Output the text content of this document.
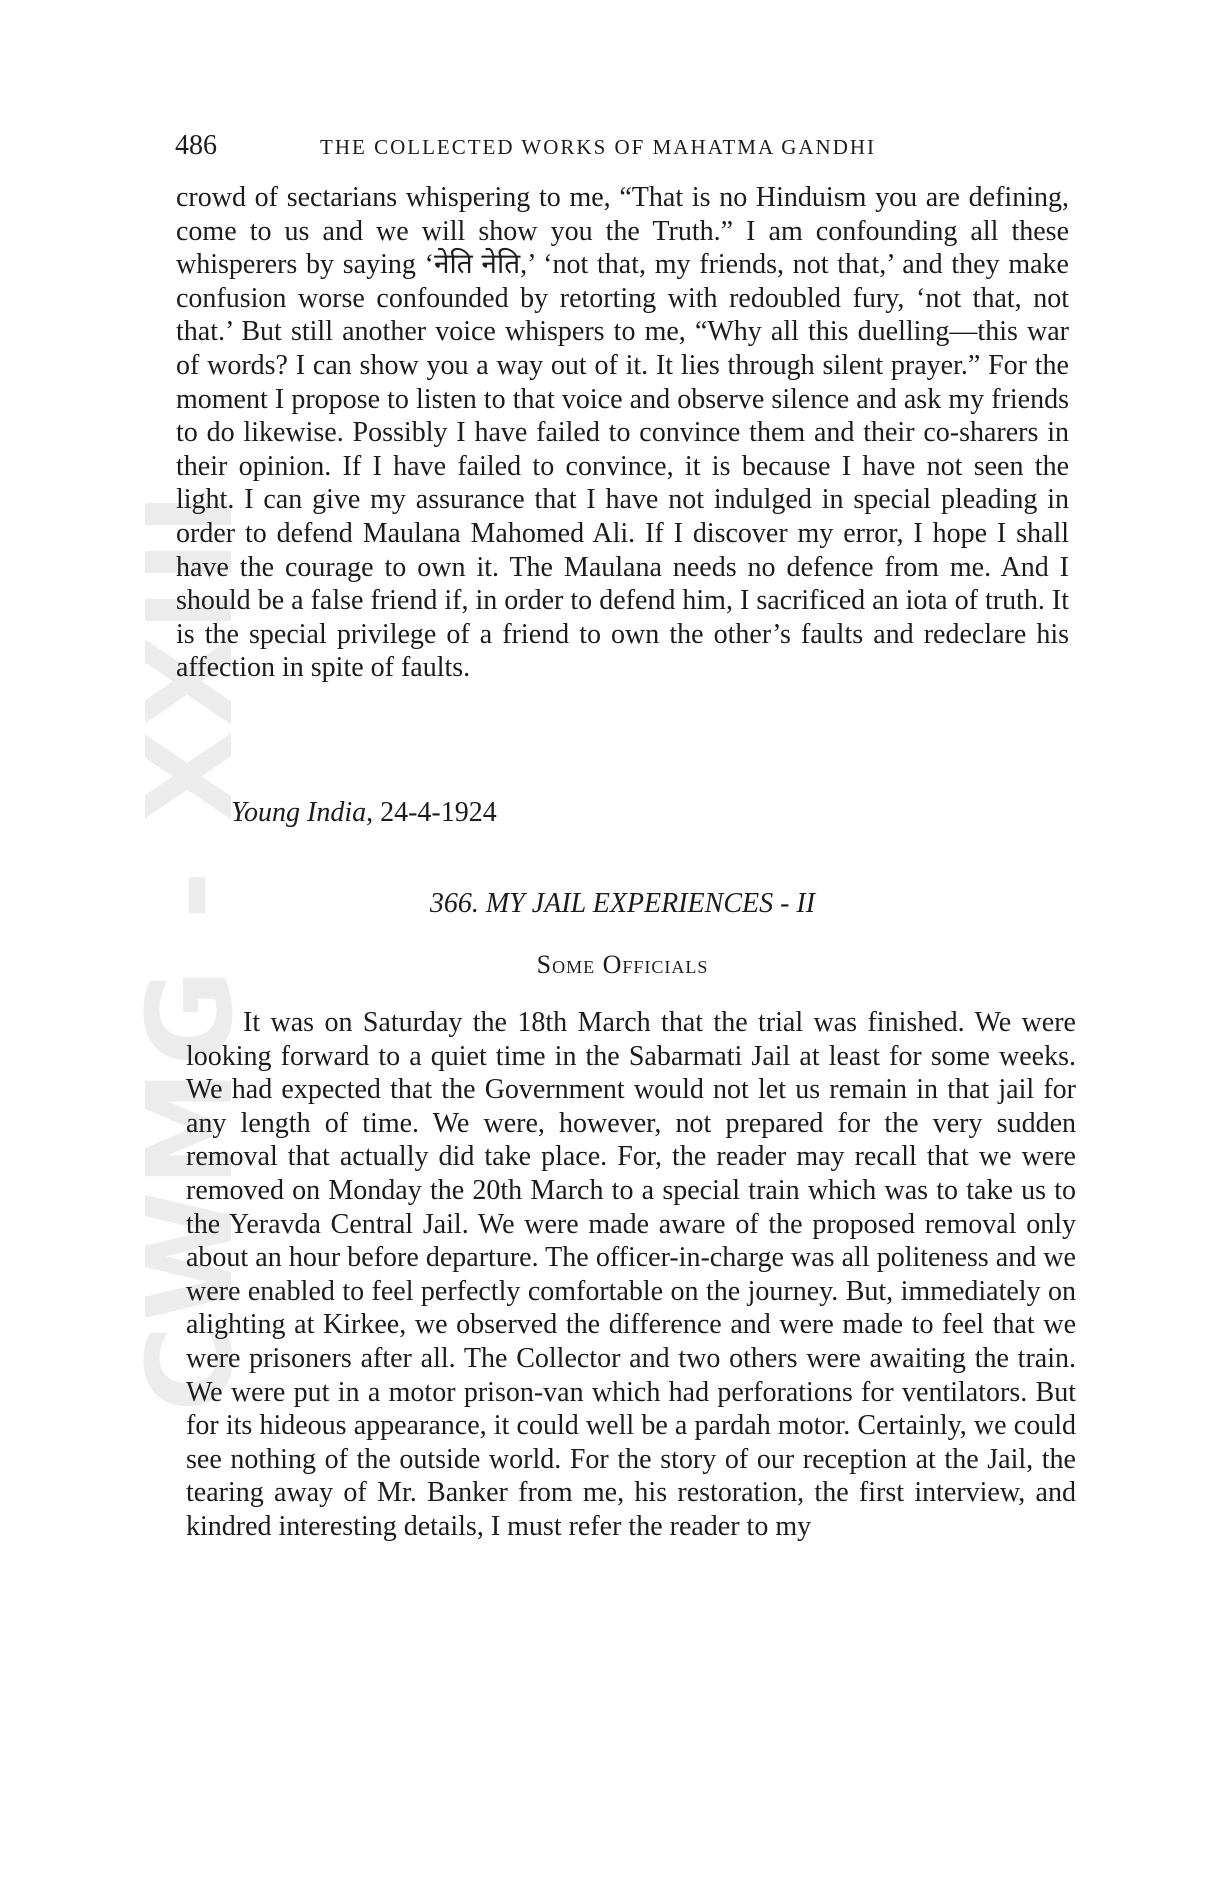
CWMG - XXIII
486	THE COLLECTED WORKS OF MAHATMA GANDHI

crowd of sectarians whispering to me, “That is no Hinduism you are defining, come to us and we will show you the Truth.” I am confounding all these whisperers by saying ‘नेति नेति,’ ‘not that, my friends, not that,’ and they make confusion worse confounded by retorting with redoubled fury, ‘not that, not that.’ But still another voice whispers to me, “Why all this duelling—this war of words? I can show you a way out of it. It lies through silent prayer.” For the moment I propose to listen to that voice and observe silence and ask my friends to do likewise. Possibly I have failed to convince them and their co-sharers in their opinion. If I have failed to convince, it is because I have not seen the light. I can give my assurance that I have not indulged in special pleading in order to defend Maulana Mahomed Ali. If I discover my error, I hope I shall have the courage to own it. The Maulana needs no defence from me. And I should be a false friend if, in order to defend him, I sacrificed an iota of truth. It is the special privilege of a friend to own the other’s faults and redeclare his affection in spite of faults.

Young India, 24-4-1924
366. MY JAIL EXPERIENCES - II
Some Officials

It was on Saturday the 18th March that the trial was finished. We were looking forward to a quiet time in the Sabarmati Jail at least for some weeks. We had expected that the Government would not let us remain in that jail for any length of time. We were, however, not prepared for the very sudden removal that actually did take place. For, the reader may recall that we were removed on Monday the 20th March to a special train which was to take us to the Yeravda Central Jail. We were made aware of the proposed removal only about an hour before departure. The officer-in-charge was all politeness and we were enabled to feel perfectly comfortable on the journey. But, immediately on alighting at Kirkee, we observed the difference and were made to feel that we were prisoners after all. The Collector and two others were awaiting the train. We were put in a motor prison-van which had perforations for ventilators. But for its hideous appearance, it could well be a pardah motor. Certainly, we could see nothing of the outside world. For the story of our reception at the Jail, the tearing away of Mr. Banker from me, his restoration, the first interview, and kindred interesting details, I must refer the reader to my
